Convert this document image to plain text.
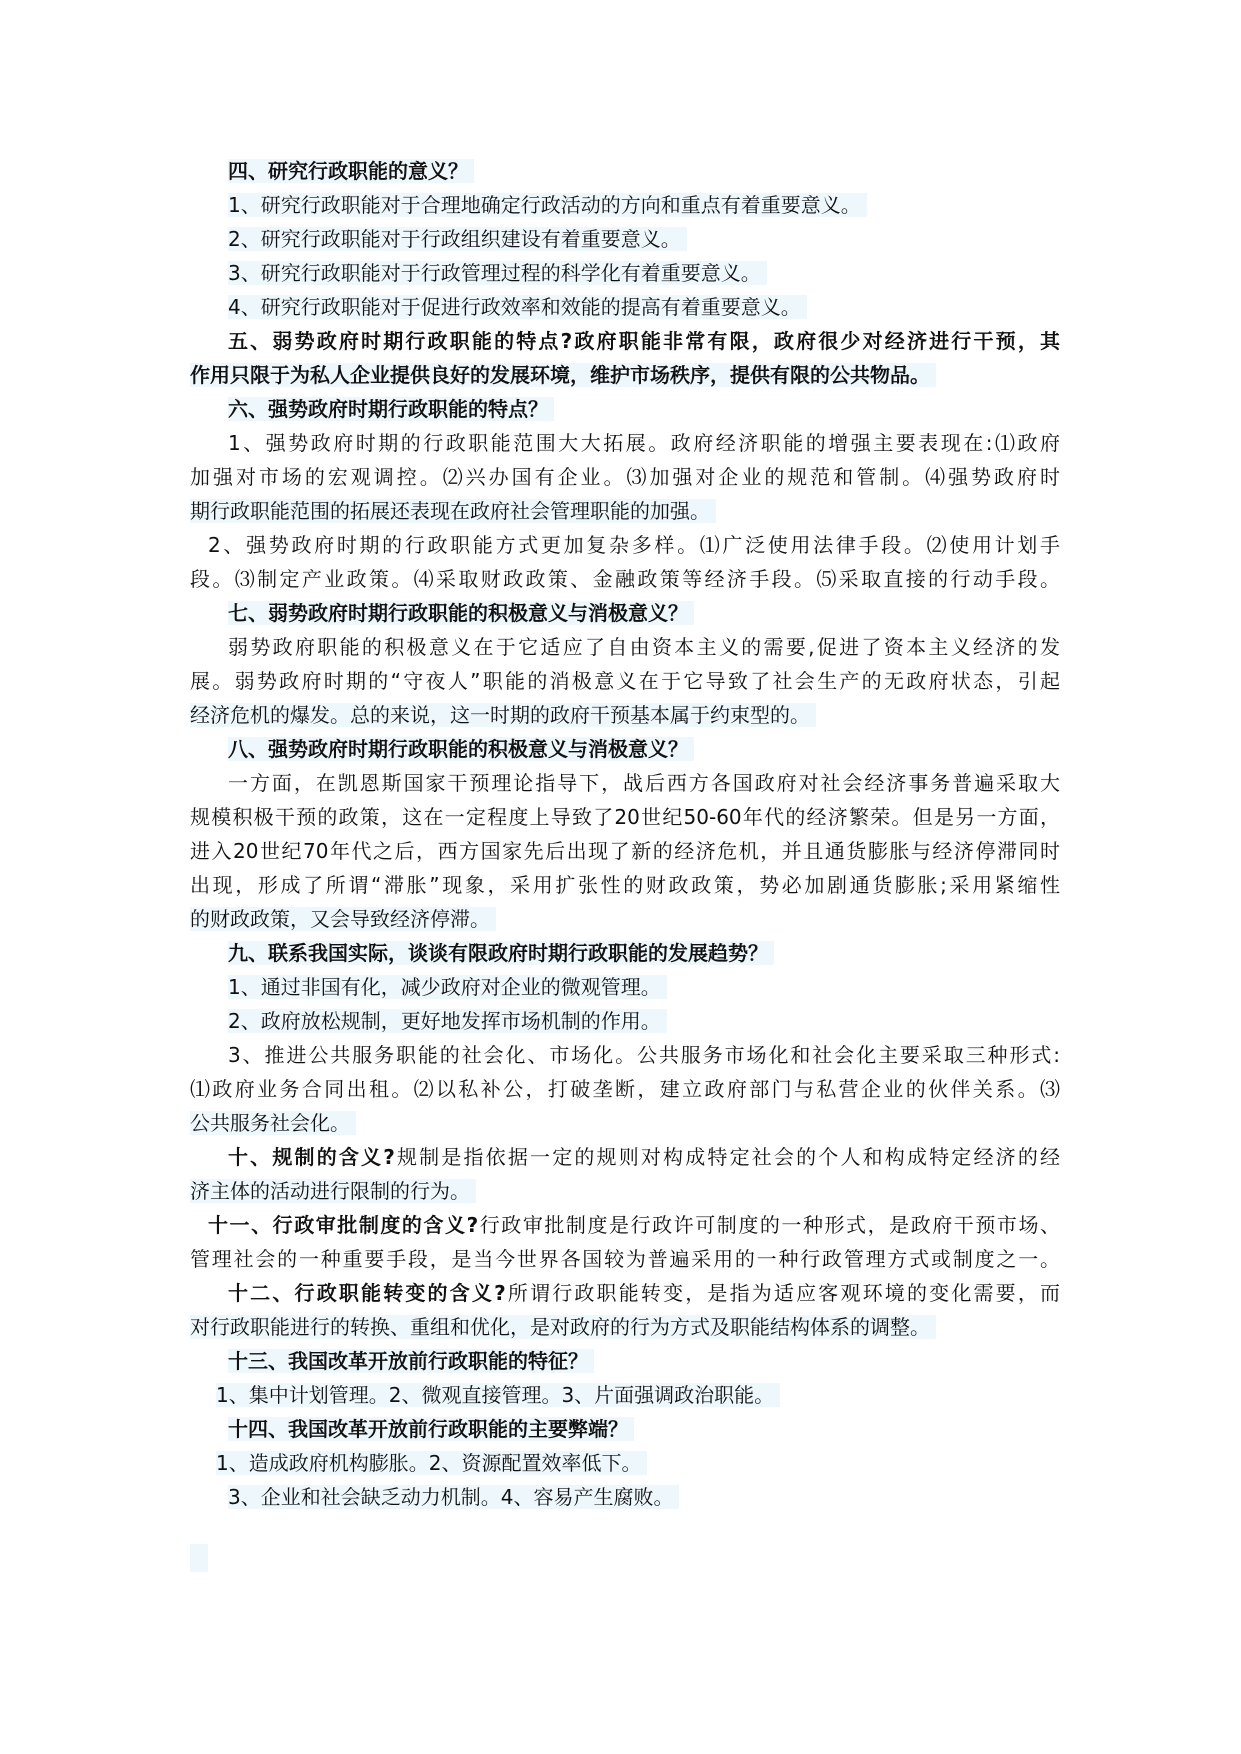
四、研究行政职能的意义？
1、研究行政职能对于合理地确定行政活动的方向和重点有着重要意义。
2、研究行政职能对于行政组织建设有着重要意义。
3、研究行政职能对于行政管理过程的科学化有着重要意义。
4、研究行政职能对于促进行政效率和效能的提高有着重要意义。
五、弱势政府时期行政职能的特点?政府职能非常有限，政府很少对经济进行干预，其
作用只限于为私人企业提供良好的发展环境，维护市场秩序，提供有限的公共物品。
六、强势政府时期行政职能的特点？
1、强势政府时期的行政职能范围大大拓展。政府经济职能的增强主要表现在:⑴政府
加强对市场的宏观调控。⑵兴办国有企业。⑶加强对企业的规范和管制。⑷强势政府时
期行政职能范围的拓展还表现在政府社会管理职能的加强。
2、强势政府时期的行政职能方式更加复杂多样。⑴广泛使用法律手段。⑵使用计划手
段。⑶制定产业政策。⑷采取财政政策、金融政策等经济手段。⑸采取直接的行动手段。
七、弱势政府时期行政职能的积极意义与消极意义？
弱势政府职能的积极意义在于它适应了自由资本主义的需要,促进了资本主义经济的发
展。弱势政府时期的“守夜人”职能的消极意义在于它导致了社会生产的无政府状态，引起
经济危机的爆发。总的来说，这一时期的政府干预基本属于约束型的。
八、强势政府时期行政职能的积极意义与消极意义？
一方面，在凯恩斯国家干预理论指导下，战后西方各国政府对社会经济事务普遍采取大
规模积极干预的政策，这在一定程度上导致了20世纪50-60年代的经济繁荣。但是另一方面，
进入20世纪70年代之后，西方国家先后出现了新的经济危机，并且通货膨胀与经济停滞同时
出现，形成了所谓“滞胀”现象，采用扩张性的财政政策，势必加剧通货膨胀;采用紧缩性
的财政政策，又会导致经济停滞。
九、联系我国实际，谈谈有限政府时期行政职能的发展趋势？
1、通过非国有化，减少政府对企业的微观管理。
2、政府放松规制，更好地发挥市场机制的作用。
3、推进公共服务职能的社会化、市场化。公共服务市场化和社会化主要采取三种形式:
⑴政府业务合同出租。⑵以私补公，打破垄断，建立政府部门与私营企业的伙伴关系。⑶
公共服务社会化。
十、规制的含义?规制是指依据一定的规则对构成特定社会的个人和构成特定经济的经
济主体的活动进行限制的行为。
十一、行政审批制度的含义?行政审批制度是行政许可制度的一种形式，是政府干预市场、
管理社会的一种重要手段，是当今世界各国较为普遍采用的一种行政管理方式或制度之一。
十二、行政职能转变的含义?所谓行政职能转变，是指为适应客观环境的变化需要，而
对行政职能进行的转换、重组和优化，是对政府的行为方式及职能结构体系的调整。
十三、我国改革开放前行政职能的特征？
1、集中计划管理。2、微观直接管理。3、片面强调政治职能。
十四、我国改革开放前行政职能的主要弊端？
1、造成政府机构膨胀。2、资源配置效率低下。
3、企业和社会缺乏动力机制。4、容易产生腐败。
